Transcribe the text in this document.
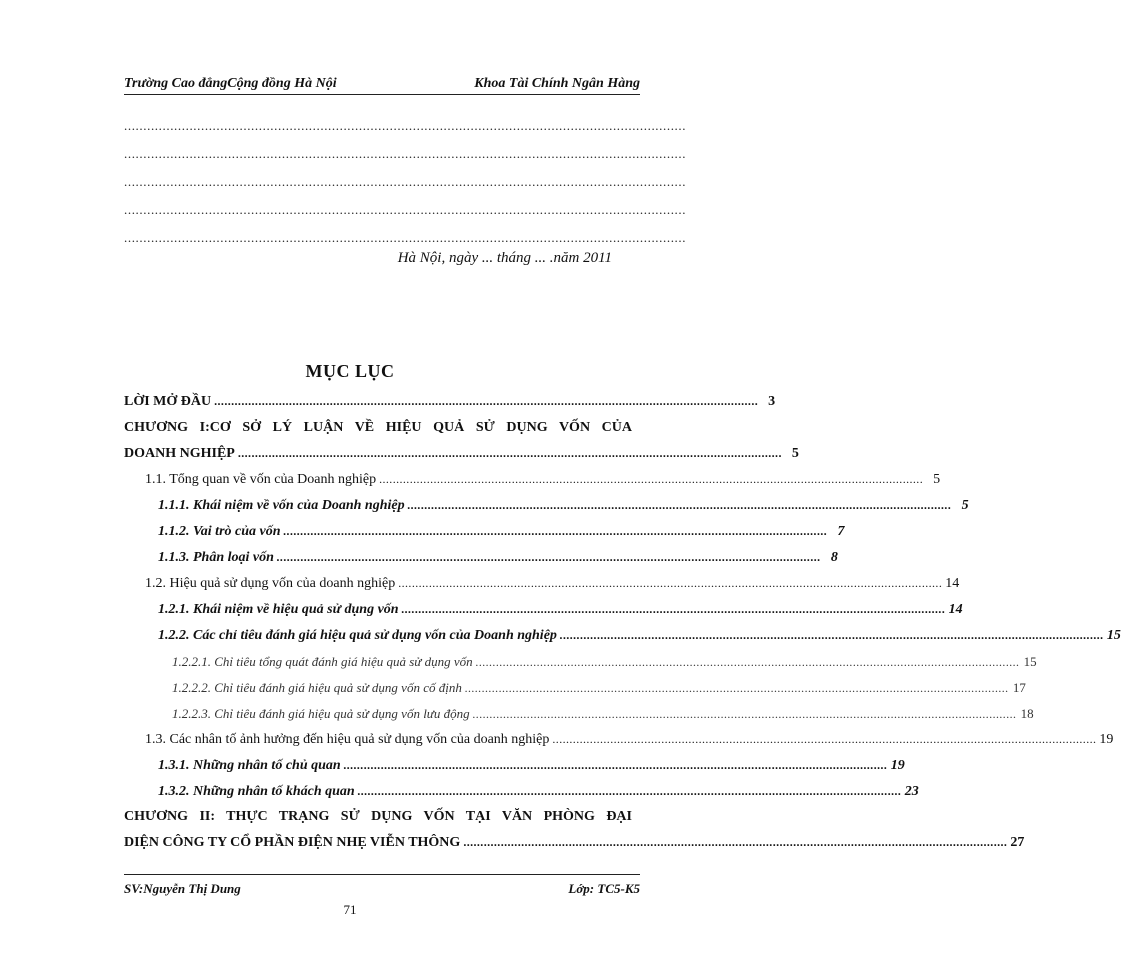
Trường Cao đẳngCộng đồng Hà Nội	Khoa Tài Chính Ngân Hàng
..................................................................................................................................................
..................................................................................................................................................
..................................................................................................................................................
..................................................................................................................................................
..................................................................................................................................................
Hà Nội, ngày ... tháng ... .năm 2011
MỤC LỤC
LỜI MỞ ĐẦU ................................................................................................................................................................ 3
CHƯƠNG I:CƠ SỞ LÝ LUẬN VỀ HIỆU QUẢ SỬ DỤNG VỐN CỦA
DOANH NGHIỆP ................................................................................................................................................................ 5
1.1. Tổng quan về vốn của Doanh nghiệp ................................................................................................................................................................ 5
1.1.1. Khái niệm về vốn của Doanh nghiệp ................................................................................................................................................................ 5
1.1.2. Vai trò của vốn ................................................................................................................................................................ 7
1.1.3. Phân loại vốn ................................................................................................................................................................ 8
1.2. Hiệu quả sử dụng vốn của doanh nghiệp ................................................................................................................................................................ 14
1.2.1. Khái niệm về hiệu quả sử dụng vốn ................................................................................................................................................................ 14
1.2.2. Các chỉ tiêu đánh giá hiệu quả sử dụng vốn của Doanh nghiệp ................................................................................................................................................................ 15
1.2.2.1. Chỉ tiêu tổng quát đánh giá hiệu quả sử dụng vốn ................................................................................................................................................................ 15
1.2.2.2. Chỉ tiêu đánh giá hiệu quả sử dụng vốn cố định ................................................................................................................................................................ 17
1.2.2.3. Chỉ tiêu đánh giá hiệu quả sử dụng vốn lưu động ................................................................................................................................................................ 18
1.3. Các nhân tố ảnh hưởng đến hiệu quả sử dụng vốn của doanh nghiệp ................................................................................................................................................................ 19
1.3.1. Những nhân tố chủ quan ................................................................................................................................................................ 19
1.3.2. Những nhân tố khách quan ................................................................................................................................................................ 23
CHƯƠNG II: THỰC TRẠNG SỬ DỤNG VỐN TẠI VĂN PHÒNG ĐẠI
DIỆN CÔNG TY CỔ PHẦN ĐIỆN NHẸ VIỄN THÔNG ................................................................................................................................................................ 27
SV:Nguyễn Thị Dung	Lớp: TC5-K5
71
